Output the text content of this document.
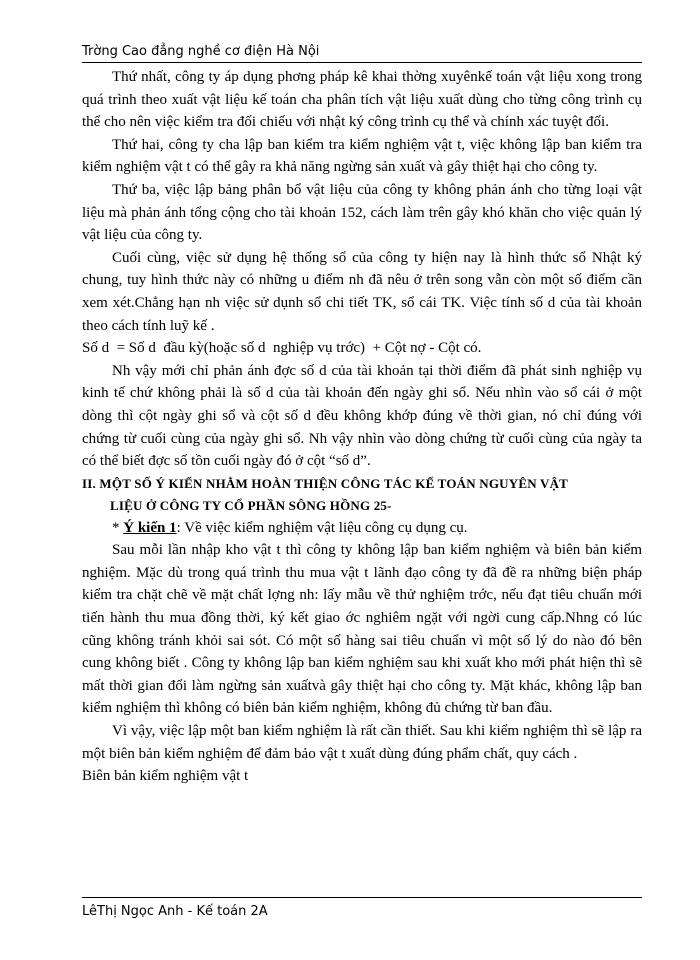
Trờng Cao đẳng nghề cơ điện Hà Nội

Thứ nhất, công ty áp dụng phơng pháp kê khai thờng xuyênkế toán vật liệu xong trong quá trình theo xuất vật liệu kế toán cha phân tích vật liệu xuất dùng cho từng công trình cụ thể cho nên việc kiểm tra đối chiếu với nhật ký công trình cụ thể và chính xác tuyệt đối.

Thứ hai, công ty cha lập ban kiểm tra kiểm nghiệm vật t, việc không lập ban kiểm tra kiểm nghiệm vật t có thể gây ra khả năng ngừng sản xuất và gây thiệt hại cho công ty.

Thứ ba, việc lập bảng phân bổ vật liệu của công ty không phản ánh cho từng loại vật liệu mà phản ánh tổng cộng cho tài khoản 152, cách làm trên gây khó khăn cho việc quản lý vật liệu của công ty.

Cuối cùng, việc sử dụng hệ thống sổ của công ty hiện nay là hình thức sổ Nhật ký chung, tuy hình thức này có những u điểm nh đã nêu ở trên song vẫn còn một số điểm cần xem xét.Chẳng hạn nh việc sử dụnh sổ chi tiết TK, sổ cái TK. Việc tính số d của tài khoản theo cách tính luỹ kế .

Số d  = Số d  đầu kỳ(hoặc số d  nghiệp vụ trớc)  + Cột nợ - Cột có.

Nh vậy mới chỉ phản ánh đợc số d của tài khoản tại thời điểm đã phát sinh nghiệp vụ kinh tế chứ không phải là số d của tài khoản đến ngày ghi sổ. Nếu nhìn vào sổ cái ở một dòng thì cột ngày ghi sổ và cột số d đều không khớp đúng về thời gian, nó chỉ đúng với chứng từ cuối cùng của ngày ghi sổ. Nh vậy nhìn vào dòng chứng từ cuối cùng của ngày ta có thể biết đợc số tồn cuối ngày đó ở cột “số d”.

II. MỘT SỐ Ý KIẾN NHẰM HOÀN THIỆN CÔNG TÁC KẾ TOÁN NGUYÊN VẬT
LIỆU Ở CÔNG TY CỔ PHẦN SÔNG HỒNG 25-

* Ý kiến 1: Về việc kiểm nghiệm vật liệu công cụ dụng cụ.

Sau mỗi lần nhập kho vật t thì công ty không lập ban kiểm nghiệm và biên bản kiểm nghiệm. Mặc dù trong quá trình thu mua vật t lãnh đạo công ty đã đề ra những biện pháp kiểm tra chặt chẽ về mặt chất lợng nh: lấy mẫu về thử nghiệm trớc, nếu đạt tiêu chuẩn mới tiến hành thu mua đồng thời, ký kết giao ớc nghiêm ngặt với ngời cung cấp.Nhng có lúc cũng không tránh khỏi sai sót. Có một số hàng sai tiêu chuẩn vì một số lý do nào đó bên cung không biết . Công ty không lập ban kiểm nghiệm sau khi xuất kho mới phát hiện thì sẽ mất thời gian đổi làm ngừng sản xuấtvà gây thiệt hại cho công ty. Mặt khác, không lập ban kiểm nghiệm thì không có biên bản kiểm nghiệm, không đủ chứng từ ban đầu.

Vì vậy, việc lập một ban kiểm nghiệm là rất cần thiết. Sau khi kiểm nghiệm thì sẽ lập ra một biên bản kiểm nghiệm để đảm bảo vật t xuất dùng đúng phẩm chất, quy cách .

Biên bản kiểm nghiệm vật t

LêThị Ngọc Anh - Kế toán 2A
